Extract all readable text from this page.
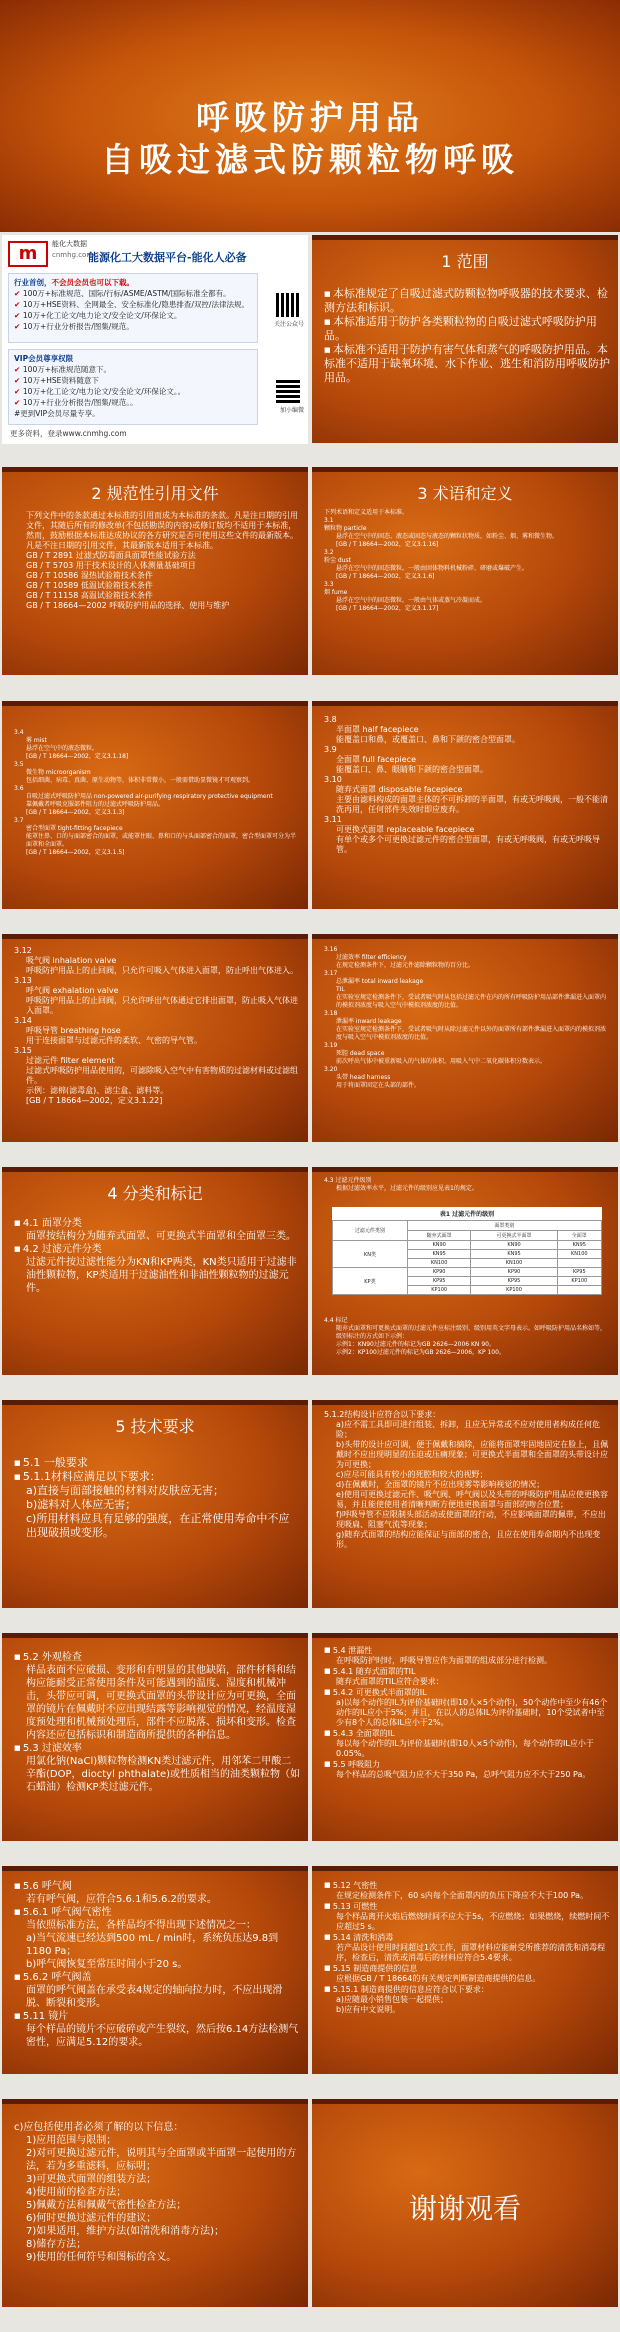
呼吸防护用品
自吸过滤式防颗粒物呼吸
m	能化大数据
cnmhg.com
能源化工大数据平台-能化人必备
行业首创，不会员会员也可以下载。
✔ 100万+标准规范、国际/行标/ASME/ASTM/国际标准全都有。
✔ 10万+HSE资料、全网最全、安全标准化/隐患排查/双控/法律法规。
✔ 10万+化工论文/电力论文/安全论文/环保论文。
✔ 10万+行业分析报告/图集/规范。
VIP会员尊享权限
✔ 100万+标准规范随意下。
✔ 10万+HSE资料随意下
✔ 10万+化工论文/电力论文/安全论文/环保论文。。
✔ 10万+行业分析报告/图集/规范。。
#更到VIP会员尽量专享。
关注公众号
加小编微
更多资料，登录www.cnmhg.com
1 范围

■ 本标准规定了自吸过滤式防颗粒物呼吸器的技术要求、检测方法和标识。

■ 本标准适用于防护各类颗粒物的自吸过滤式呼吸防护用品。

■ 本标准不适用于防护有害气体和蒸气的呼吸防护用品。本标准不适用于缺氧环境、水下作业、逃生和消防用呼吸防护用品。

2 规范性引用文件

下列文件中的条款通过本标准的引用而成为本标准的条款。凡是注日期的引用文件，其随后所有的修改单(不包括勘误的内容)或修订版均不适用于本标准，然而，鼓励根据本标准达成协议的各方研究是否可使用这些文件的最新版本。凡是不注日期的引用文件，其最新版本适用于本标准。

GB / T 2891 过滤式防毒面具面罩性能试验方法

GB / T 5703 用于技术设计的人体测量基础项目

GB / T 10586 湿热试验箱技术条件

GB / T 10589 低温试验箱技术条件

GB / T 11158 高温试验箱技术条件

GB / T 18664—2002 呼吸防护用品的选择、使用与维护

3 术语和定义

下列术语和定义适用于本标准。

3.1

颗粒物 particle

悬浮在空气中的固态、液态或固态与液态的颗粒状物质，如粉尘、烟、雾和微生物。

[GB / T 18664—2002，定义3.1.16]

3.2

粉尘 dust

悬浮在空气中的固态微粒。一般由固体物料机械粉碎、研磨或爆破产生。

[GB / T 18664—2002，定义3.1.6]

3.3

烟 fume

悬浮在空气中的固态微粒。一般由气体或蒸气冷凝而成。

[GB / T 18664—2002，定义3.1.17]

3.4

雾 mist

悬浮在空气中的液态微粒。

[GB / T 18664—2002，定义3.1.18]

3.5

微生物 microorganism

包括细菌、病毒、真菌、原生动物等，体积非常微小，一般需借助显微镜才可观察到。

3.6

自吸过滤式呼吸防护用品 non-powered air-purifying respiratory protective equipment

靠佩戴者呼吸克服部件阻力的过滤式呼吸防护用品。

[GB / T 18664—2002，定义3.1.3]

3.7

密合型面罩 tight-fitting facepiece

能罩住鼻、口的与面部密合的面罩，或能罩住眼、鼻和口的与头面部密合的面罩，密合型面罩可分为半面罩和全面罩。

[GB / T 18664—2002，定义3.1.5]

3.8

半面罩 half facepiece

能覆盖口和鼻，或覆盖口、鼻和下颌的密合型面罩。

3.9

全面罩 full facepiece

能覆盖口、鼻、眼睛和下颌的密合型面罩。

3.10

随弃式面罩 disposable facepiece

主要由滤料构成的面罩主体的不可拆卸的半面罩，有或无呼吸阀，一般不能清洗再用，任何部件失效时即应废弃。

3.11

可更换式面罩 replaceable facepiece

有单个或多个可更换过滤元件的密合型面罩，有或无呼吸阀，有或无呼吸导管。

3.12

吸气阀 inhalation valve

呼吸防护用品上的止回阀，只允许可吸入气体进入面罩，防止呼出气体进入。

3.13

呼气阀 exhalation valve

呼吸防护用品上的止回阀，只允许呼出气体通过它排出面罩，防止吸入气体进入面罩。

3.14

呼吸导管 breathing hose

用于连接面罩与过滤元件的柔软、气密的导气管。

3.15

过滤元件 filter element

过滤式呼吸防护用品使用的，可滤除吸入空气中有害物质的过滤材料或过滤组件。

示例：滤棉(滤毒盒)、滤尘盒、滤料等。

[GB / T 18664—2002，定义3.1.22]

3.16

过滤效率 filter efficiency

在规定检测条件下，过滤元件滤除颗粒物的百分比。

3.17

总泄漏率 total inward leakage

TIL

在实验室规定检测条件下，受试者吸气时从包括过滤元件在内的所有呼吸防护用品部件泄漏进入面罩内的模拟剂浓度与吸入空气中模拟剂浓度的比值。

3.18

泄漏率 inward leakage

在实验室规定检测条件下，受试者吸气时从除过滤元件以外的面罩所有部件泄漏进入面罩内的模拟剂浓度与吸入空气中模拟剂浓度的比值。

3.19

死腔 dead space

前次呼出气体中被重新吸入的气体的体积，用吸入气中二氧化碳体积分数表示。

3.20

头带 head harness

用于将面罩固定在头部的部件。

4 分类和标记

■ 4.1 面罩分类

面罩按结构分为随弃式面罩、可更换式半面罩和全面罩三类。

■ 4.2 过滤元件分类

过滤元件按过滤性能分为KN和KP两类，KN类只适用于过滤非油性颗粒物，KP类适用于过滤油性和非油性颗粒物的过滤元件。

4.3 过滤元件级别

根据过滤效率水平，过滤元件的级别应见表1的规定。

表1 过滤元件的级别
过滤元件类别	面罩类别		
	随弃式面罩	可更换式半面罩	全面罩
KN类	KN90	KN90	KN95
	KN95	KN95	KN100
	KN100	KN100	
KP类	KP90	KP90	KP95
	KP95	KP95	KP100
	KP100	KP100	

4.4 标记

随弃式面罩和可更换式面罩的过滤元件应标注级别、级别用英文字母表示。如呼吸防护用品名称如等，级别标注的方式如下示例：

示例1：KN90过滤元件的标记为GB 2626—2006 KN 90。

示例2：KP100过滤元件的标记为GB 2626—2006，KP 100。

5 技术要求

■ 5.1 一般要求

■ 5.1.1材料应满足以下要求：

a)直接与面部接触的材料对皮肤应无害；

b)滤料对人体应无害；

c)所用材料应具有足够的强度，在正常使用寿命中不应出现破损或变形。

5.1.2结构设计应符合以下要求：

a)应不需工具即可进行组装、拆卸，且应无异常或不应对使用者构成任何危险；

b)头带的设计应可调，便于佩戴和摘除，应能将面罩牢固地固定在脸上，且佩戴时不应出现明显的压迫或压痛现象；可更换式半面罩和全面罩的头带设计应为可更换；

c)应尽可能具有较小的死腔和较大的视野；

d)在佩戴时，全面罩的镜片不应出现雾等影响视觉的情况；

e)使用可更换过滤元件、吸气阀、呼气阀以及头带的呼吸防护用品应使更换容易，并且能使使用者清晰判断方便地更换面罩与面部的吻合位置；

f)呼吸导管不应限制头部活动或使面罩的行动，不应影响面罩的佩带，不应出现吸扁、阻塞气流等现象；

g)随弃式面罩的结构应能保证与面部的密合，且应在使用寿命期内不出现变形。

■ 5.2 外观检查

样品表面不应破损、变形和有明显的其他缺陷，部件材料和结构应能耐受正常使用条件及可能遇到的温度、湿度和机械冲击，头带应可调，可更换式面罩的头带设计应为可更换，全面罩的镜片在佩戴时不应出现结露等影响视觉的情况，经温度湿度预处理和机械预处理后，部件不应脱落、损坏和变形。检查内容还应包括标识和制造商所提供的各种信息。

■ 5.3 过滤效率

用氯化钠(NaCl)颗粒物检测KN类过滤元件，用邻苯二甲酸二辛酯(DOP，dioctyl phthalate)或性质相当的油类颗粒物（如石蜡油）检测KP类过滤元件。

■ 5.4 泄漏性

在呼吸防护时时，呼吸导管应作为面罩的组成部分进行检测。

■ 5.4.1 随弃式面罩的TIL

随弃式面罩的TIL应符合要求：

■ 5.4.2 可更换式半面罩的IL

a)以每个动作的IL为评价基础时(即10人×5个动作)，50个动作中至少有46个动作的IL应小于5%；并且，在以人的总体IL为评价基础时，10个受试者中至少有8个人的总体IL应小于2%。

■ 5.4.3 全面罩的IL

每以每个动作的IL为评价基础时(即10人×5个动作)，每个动作的IL应小于0.05%。

■ 5.5 呼吸阻力

每个样品的总吸气阻力应不大于350 Pa，总呼气阻力应不大于250 Pa。

■ 5.6 呼气阀

若有呼气阀，应符合5.6.1和5.6.2的要求。

■ 5.6.1 呼气阀气密性

当依照标准方法，各样品均不得出现下述情况之一：

a)当气流速已经达到500 mL / min时，系统负压达9.8到1180 Pa；

b)呼气阀恢复至常压时间小于20 s。

■ 5.6.2 呼气阀盖

面罩的呼气阀盖在承受表4规定的轴向拉力时，不应出现滑脱、断裂和变形。

■ 5.11 镜片

每个样品的镜片不应破碎或产生裂纹，然后按6.14方法检测气密性，应满足5.12的要求。

■ 5.12 气密性

在规定检测条件下，60 s内每个全面罩内的负压下降应不大于100 Pa。

■ 5.13 可燃性

每个样品离开火焰后燃烧时间不应大于5s，不应燃烧；如果燃烧，续燃时间不应超过5 s。

■ 5.14 清洗和消毒

若产品设计使用时间超过1次工作，面罩材料应能耐受所推荐的清洗和消毒程序，检查后，清洗或消毒后的材料应符合5.4要求。

■ 5.15 制造商提供的信息

应根据GB / T 18664的有关规定判断制造商提供的信息。

■ 5.15.1 制造商提供的信息应符合以下要求：

a)应随最小销售包装一起提供；

b)应有中文说明。

c)应包括使用者必须了解的以下信息：

1)应用范围与限制；

2)对可更换过滤元件，说明其与全面罩或半面罩一起使用的方法，若为多重滤料，应标明；

3)可更换式面罩的组装方法；

4)使用前的检查方法；

5)佩戴方法和佩戴气密性检查方法；

6)何时更换过滤元件的建议；

7)如果适用，维护方法(如清洗和消毒方法)；

8)储存方法；

9)使用的任何符号和图标的含义。

谢谢观看
